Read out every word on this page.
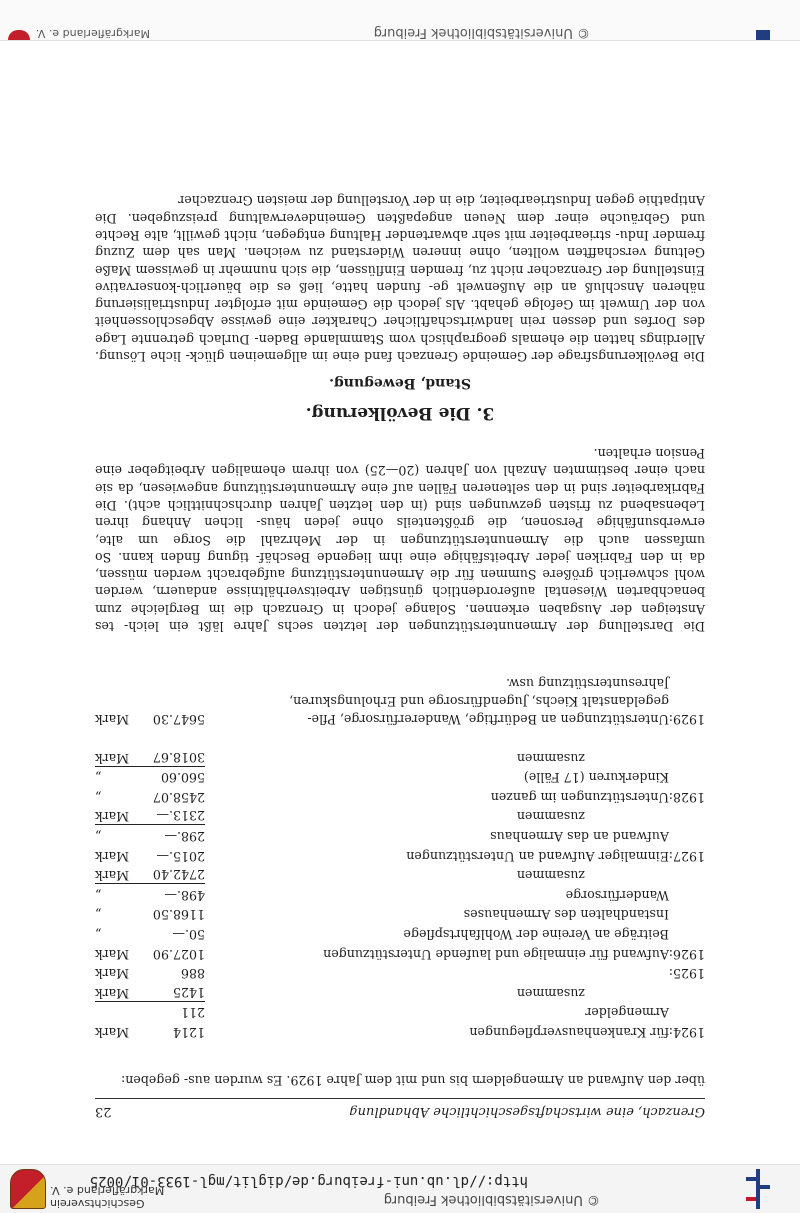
© Universitätsbibliothek Freiburg
Markgräflerland e. V.
© Universitätsbibliothek Freiburg
http://dl.ub.uni-freiburg.de/diglit/mgl-1933-01/0025
Geschichtsverein
Markgräflerland e. V.
Grenzach, eine wirtschaftsgeschichtliche Abhandlung
23

über den Aufwand an Armengeldern bis und mit dem Jahre 1929. Es wurden aus- gegeben:

1924:
für Krankenhausverpflegungen
1214
Mark
Armengelder
211
zusammen
1425
Mark
1925:
886
Mark
1926:
Aufwand für einmalige und laufende Unterstützungen
1027.90
Mark
Beiträge an Vereine der Wohlfahrtspflege
50.—
„
Instandhalten des Armenhauses
1168.50
„
Wanderfürsorge
498.—
„
zusammen
2742.40
Mark
1927:
Einmaliger Aufwand an Unterstützungen
2015.—
Mark
Aufwand an das Armenhaus
298.—
„
zusammen
2313.—
Mark
1928:
Unterstützungen im ganzen
2458.07
„
Kinderkuren (17 Fälle)
560.60
„
zusammen
3018.67
Mark
1929:
5647.30
Mark	Unterstützungen an Bedürftige, Wandererfürsorge, Pfle- gegeldanstalt Kiechs, Jugendfürsorge und Erholungskuren, Jahresunterstützung usw.

Die Darstellung der Armenunterstützungen der letzten sechs Jahre läßt ein leich- tes Ansteigen der Ausgaben erkennen. Solange jedoch in Grenzach die im Bergleiche zum benachbarten Wiesental außerordentlich günstigen Arbeitsverhältnisse andauern, werden wohl schwerlich größere Summen für die Armenunterstützung aufgebracht werden müssen, da in den Fabriken jeder Arbeitsfähige eine ihm liegende Beschäf- tigung finden kann. So umfassen auch die Armenunterstützungen in der Mehrzahl die Sorge um alte, erwerbsunfähige Personen, die größtenteils ohne jeden häus- lichen Anhang ihren Lebensabend zu fristen gezwungen sind (in den letzten Jahren durchschnittlich acht). Die Fabrikarbeiter sind in den selteneren Fällen auf eine Armenunterstützung angewiesen, da sie nach einer bestimmten Anzahl von Jahren (20—25) von ihrem ehemaligen Arbeitgeber eine Pension erhalten.

3. Die Bevölkerung.
Stand, Bewegung.

Die Bevölkerungsfrage der Gemeinde Grenzach fand eine im allgemeinen glück- liche Lösung. Allerdings hatten die ehemals geographisch vom Stammlande Baden- Durlach getrennte Lage des Dorfes und dessen rein landwirtschaftlicher Charakter eine gewisse Abgeschlossenheit von der Umwelt im Gefolge gehabt. Als jedoch die Gemeinde mit erfolgter Industrialisierung näheren Anschluß an die Außenwelt ge- funden hatte, ließ es die bäuerlich-konservative Einstellung der Grenzacher nicht zu, fremden Einflüssen, die sich nunmehr in gewissem Maße Geltung verschafften wollten, ohne inneren Widerstand zu weichen. Man sah dem Zuzug fremder Indu- striearbeiter mit sehr abwartender Haltung entgegen, nicht gewillt, alte Rechte und Gebräuche einer dem Neuen angepaßten Gemeindeverwaltung preiszugeben. Die Antipathie gegen Industriearbeiter, die in der Vorstellung der meisten Grenzacher
